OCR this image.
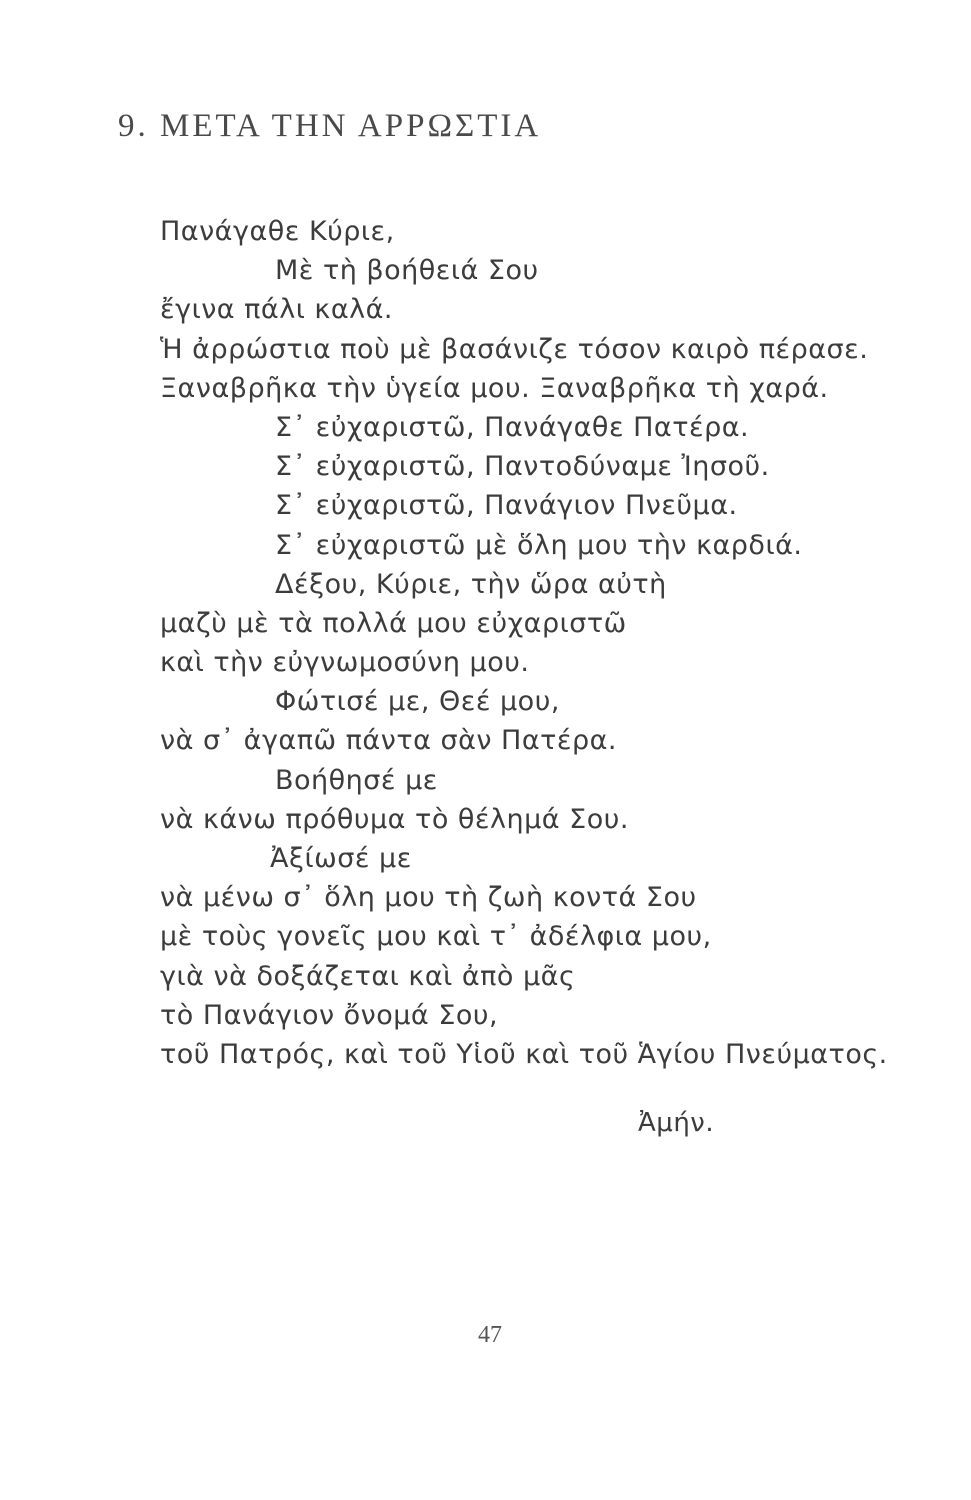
9. ΜΕΤΑ ΤΗΝ ΑΡΡΩΣΤΙΑ
Πανάγαθε Κύριε,
Μὲ τὴ βοήθειά Σου
ἔγινα πάλι καλά.
Ἡ ἀρρώστια ποὺ μὲ βασάνιζε τόσον καιρὸ πέρασε.
Ξαναβρῆκα τὴν ὑγεία μου. Ξαναβρῆκα τὴ χαρά.
Σ᾽ εὐχαριστῶ, Πανάγαθε Πατέρα.
Σ᾽ εὐχαριστῶ, Παντοδύναμε Ἰησοῦ.
Σ᾽ εὐχαριστῶ, Πανάγιον Πνεῦμα.
Σ᾽ εὐχαριστῶ μὲ ὅλη μου τὴν καρδιά.
Δέξου, Κύριε, τὴν ὥρα αὐτὴ
μαζὺ μὲ τὰ πολλά μου εὐχαριστῶ
καὶ τὴν εὐγνωμοσύνη μου.
Φώτισέ με, Θεέ μου,
νὰ σ᾽ ἀγαπῶ πάντα σὰν Πατέρα.
Βοήθησέ με
νὰ κάνω πρόθυμα τὸ θέλημά Σου.
Ἀξίωσέ με
νὰ μένω σ᾽ ὅλη μου τὴ ζωὴ κοντά Σου
μὲ τοὺς γονεῖς μου καὶ τ᾽ ἀδέλφια μου,
γιὰ νὰ δοξάζεται καὶ ἀπὸ μᾶς
τὸ Πανάγιον ὄνομά Σου,
τοῦ Πατρός, καὶ τοῦ Υἱοῦ καὶ τοῦ Ἁγίου Πνεύματος.
Ἀμήν.
47
